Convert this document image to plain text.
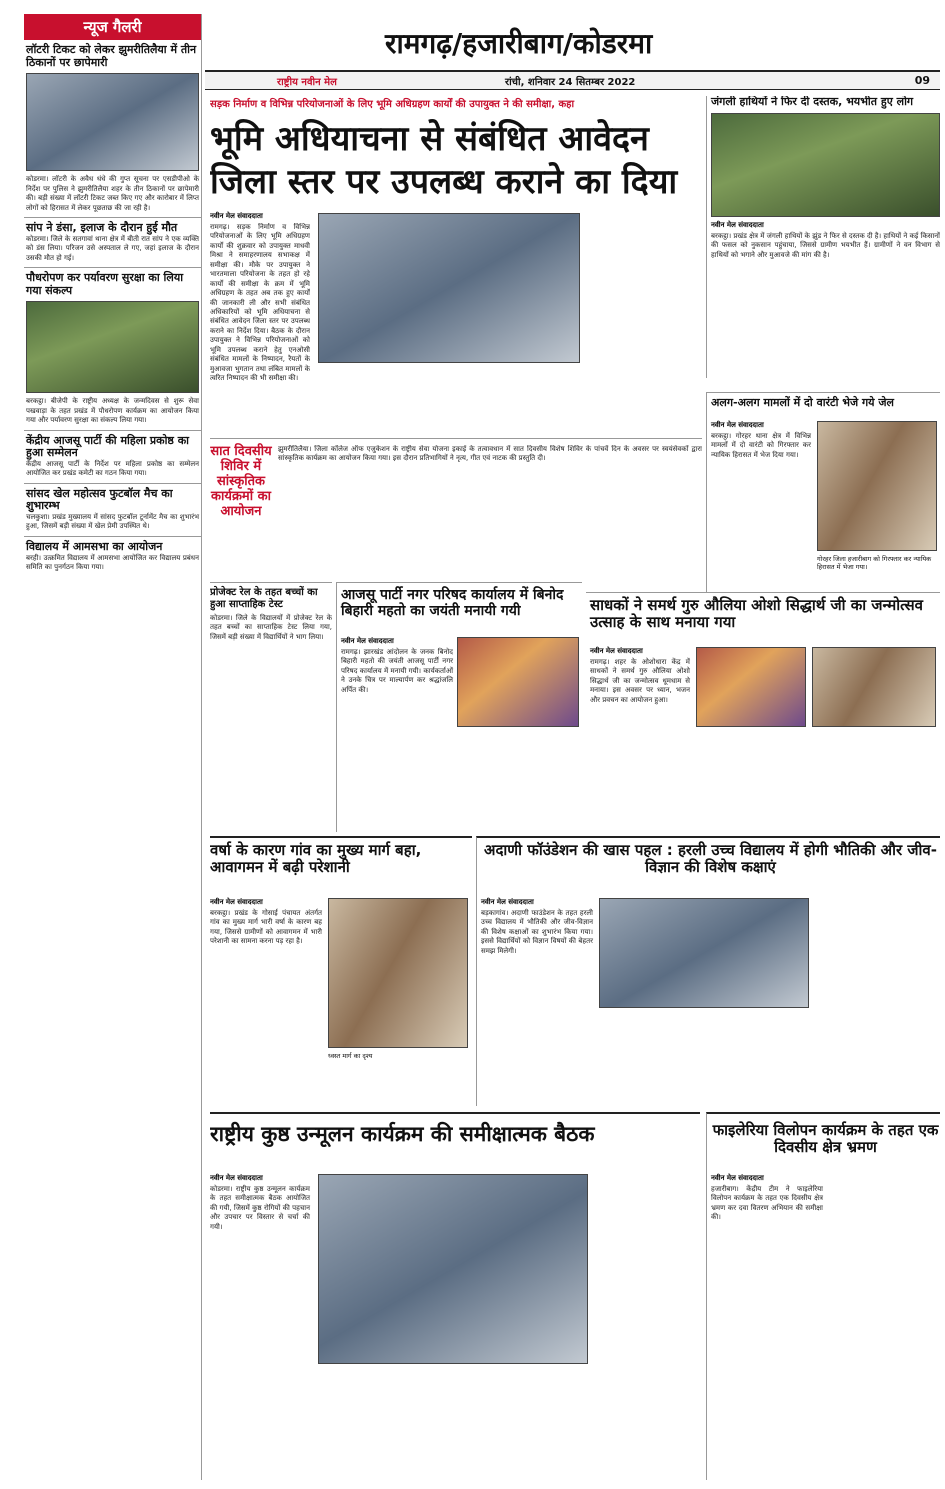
रामगढ़/हजारीबाग/कोडरमा
राष्ट्रीय नवीन मेल	रांची, शनिवार 24 सितम्बर 2022	09
न्यूज गैलरी
लॉटरी टिकट को लेकर झुमरीतिलैया में तीन ठिकानों पर छापेमारी
कोडरमा। लॉटरी के अवैध धंधे की गुप्त सूचना पर एसडीपीओ के निर्देश पर पुलिस ने झुमरीतिलैया शहर के तीन ठिकानों पर छापेमारी की। बड़ी संख्या में लॉटरी टिकट जब्त किए गए और कारोबार में लिप्त लोगों को हिरासत में लेकर पूछताछ की जा रही है।
सांप ने डंसा, इलाज के दौरान हुई मौत
कोडरमा। जिले के सतगावां थाना क्षेत्र में बीती रात सांप ने एक व्यक्ति को डंस लिया। परिजन उसे अस्पताल ले गए, जहां इलाज के दौरान उसकी मौत हो गई।
पौधरोपण कर पर्यावरण सुरक्षा का लिया गया संकल्प
बरकट्ठा। बीजेपी के राष्ट्रीय अध्यक्ष के जन्मदिवस से शुरू सेवा पखवाड़ा के तहत प्रखंड में पौधरोपण कार्यक्रम का आयोजन किया गया और पर्यावरण सुरक्षा का संकल्प लिया गया।
केंद्रीय आजसू पार्टी की महिला प्रकोष्ठ का हुआ सम्मेलन
केंद्रीय आजसू पार्टी के निर्देश पर महिला प्रकोष्ठ का सम्मेलन आयोजित कर प्रखंड कमेटी का गठन किया गया।
सांसद खेल महोत्सव फुटबॉल मैच का शुभारम्भ
चलकुशा। प्रखंड मुख्यालय में सांसद फुटबॉल टूर्नामेंट मैच का शुभारंभ हुआ, जिसमें बड़ी संख्या में खेल प्रेमी उपस्थित थे।
विद्यालय में आमसभा का आयोजन
बरही। उत्क्रमित विद्यालय में आमसभा आयोजित कर विद्यालय प्रबंधन समिति का पुनर्गठन किया गया।
सड़क निर्माण व विभिन्न परियोजनाओं के लिए भूमि अधिग्रहण कार्यों की उपायुक्त ने की समीक्षा, कहा
भूमि अधियाचना से संबंधित आवेदन जिला स्तर पर उपलब्ध कराने का दिया
नवीन मेल संवाददाता
रामगढ़। सड़क निर्माण व विभिन्न परियोजनाओं के लिए भूमि अधिग्रहण कार्यों की शुक्रवार को उपायुक्त माधवी मिश्रा ने समाहरणालय सभाकक्ष में समीक्षा की। मौके पर उपायुक्त ने भारतमाला परियोजना के तहत हो रहे कार्यों की समीक्षा के क्रम में भूमि अधिग्रहण के तहत अब तक हुए कार्यों की जानकारी ली और सभी संबंधित अधिकारियों को भूमि अधियाचना से संबंधित आवेदन जिला स्तर पर उपलब्ध कराने का निर्देश दिया। बैठक के दौरान उपायुक्त ने विभिन्न परियोजनाओं को भूमि उपलब्ध कराने हेतु एनओसी संबंधित मामलों के निष्पादन, रैयतों के मुआवजा भुगतान तथा लंबित मामलों के त्वरित निष्पादन की भी समीक्षा की।
जंगली हाथियों ने फिर दी दस्तक, भयभीत हुए लोग
नवीन मेल संवाददाता
बरकट्ठा। प्रखंड क्षेत्र में जंगली हाथियों के झुंड ने फिर से दस्तक दी है। हाथियों ने कई किसानों की फसल को नुकसान पहुंचाया, जिससे ग्रामीण भयभीत हैं। ग्रामीणों ने वन विभाग से हाथियों को भगाने और मुआवजे की मांग की है।
अलग-अलग मामलों में दो वारंटी भेजे गये जेल
नवीन मेल संवाददाता
बरकट्ठा। गोरहर थाना क्षेत्र में विभिन्न मामलों में दो वारंटी को गिरफ्तार कर न्यायिक हिरासत में भेज दिया गया।
गोरहर जिला हजारीबाग को गिरफ्तार कर न्यायिक हिरासत में भेजा गया।
सात दिवसीय शिविर में सांस्कृतिक कार्यक्रमों का आयोजन
झुमरीतिलैया। जिला कॉलेज ऑफ एजुकेशन के राष्ट्रीय सेवा योजना इकाई के तत्वावधान में सात दिवसीय विशेष शिविर के पांचवें दिन के अवसर पर स्वयंसेवकों द्वारा सांस्कृतिक कार्यक्रम का आयोजन किया गया। इस दौरान प्रतिभागियों ने नृत्य, गीत एवं नाटक की प्रस्तुति दी।
प्रोजेक्ट रेल के तहत बच्चों का हुआ साप्ताहिक टेस्ट
कोडरमा। जिले के विद्यालयों में प्रोजेक्ट रेल के तहत बच्चों का साप्ताहिक टेस्ट लिया गया, जिसमें बड़ी संख्या में विद्यार्थियों ने भाग लिया।
आजसू पार्टी नगर परिषद कार्यालय में बिनोद बिहारी महतो का जयंती मनायी गयी
नवीन मेल संवाददाता
रामगढ़। झारखंड आंदोलन के जनक बिनोद बिहारी महतो की जयंती आजसू पार्टी नगर परिषद कार्यालय में मनायी गयी। कार्यकर्ताओं ने उनके चित्र पर माल्यार्पण कर श्रद्धांजलि अर्पित की।
साधकों ने समर्थ गुरु औलिया ओशो सिद्धार्थ जी का जन्मोत्सव उत्साह के साथ मनाया गया
नवीन मेल संवाददाता
रामगढ़। शहर के ओशोधारा केंद्र में साधकों ने समर्थ गुरु औलिया ओशो सिद्धार्थ जी का जन्मोत्सव धूमधाम से मनाया। इस अवसर पर ध्यान, भजन और प्रवचन का आयोजन हुआ।
वर्षा के कारण गांव का मुख्य मार्ग बहा, आवागमन में बढ़ी परेशानी
नवीन मेल संवाददाता
बरकट्ठा। प्रखंड के गोसाई पंचायत अंतर्गत गांव का मुख्य मार्ग भारी वर्षा के कारण बह गया, जिससे ग्रामीणों को आवागमन में भारी परेशानी का सामना करना पड़ रहा है।
ध्वस्त मार्ग का दृश्य
अदाणी फॉउंडेशन की खास पहल : हरली उच्च विद्यालय में होगी भौतिकी और जीव-विज्ञान की विशेष कक्षाएं
नवीन मेल संवाददाता
बड़कागांव। अदाणी फाउंडेशन के तहत हरली उच्च विद्यालय में भौतिकी और जीव-विज्ञान की विशेष कक्षाओं का शुभारंभ किया गया। इससे विद्यार्थियों को विज्ञान विषयों की बेहतर समझ मिलेगी।
राष्ट्रीय कुष्ठ उन्मूलन कार्यक्रम की समीक्षात्मक बैठक
नवीन मेल संवाददाता
कोडरमा। राष्ट्रीय कुष्ठ उन्मूलन कार्यक्रम के तहत समीक्षात्मक बैठक आयोजित की गयी, जिसमें कुष्ठ रोगियों की पहचान और उपचार पर विस्तार से चर्चा की गयी।
फाइलेरिया विलोपन कार्यक्रम के तहत एक दिवसीय क्षेत्र भ्रमण
नवीन मेल संवाददाता
हजारीबाग। केंद्रीय टीम ने फाइलेरिया विलोपन कार्यक्रम के तहत एक दिवसीय क्षेत्र भ्रमण कर दवा वितरण अभियान की समीक्षा की।
